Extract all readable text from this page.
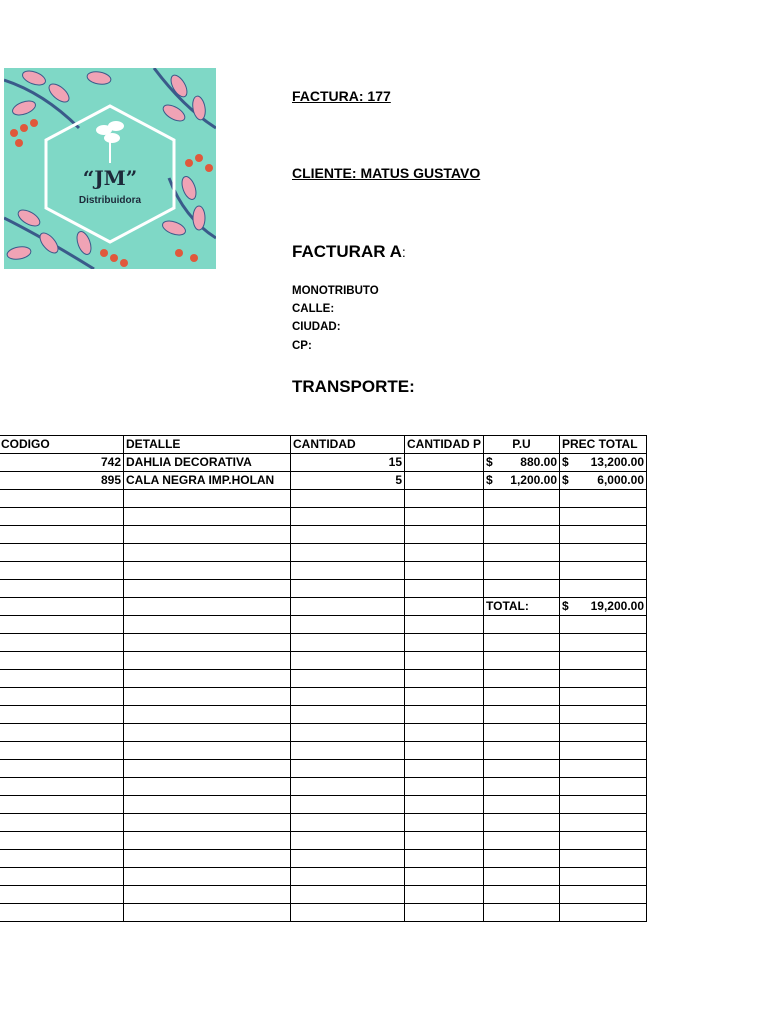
“JM”
Distribuidora
FACTURA: 177
CLIENTE: MATUS GUSTAVO
FACTURAR A:
MONOTRIBUTO
CALLE:
CIUDAD:
CP:
TRANSPORTE:
CODIGO	DETALLE	CANTIDAD	CANTIDAD P	P.U	PREC TOTAL
742	DAHLIA DECORATIVA	15		$ 880.00	$ 13,200.00

895	CALA NEGRA IMP.HOLAN	5		$ 1,200.00	$ 6,000.00

				TOTAL:	$ 19,200.00
